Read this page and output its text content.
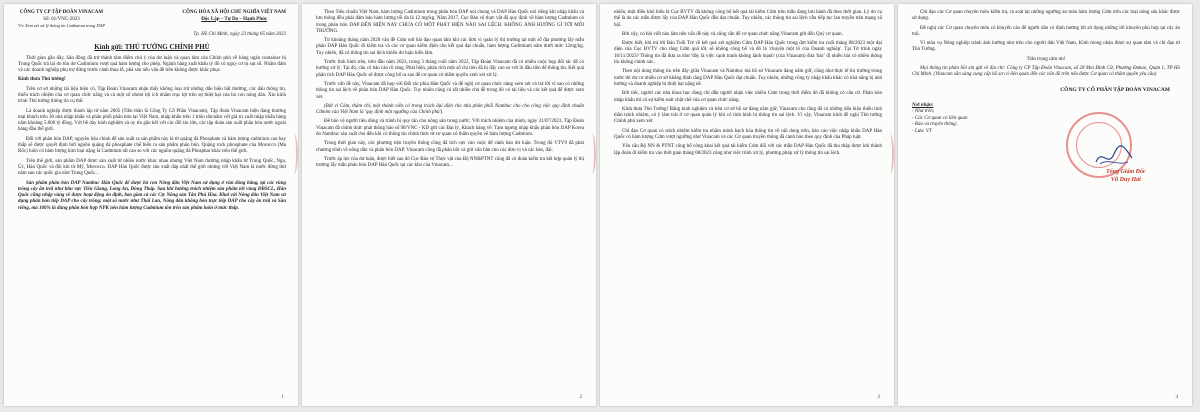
CÔNG TY CP TẬP ĐOÀN VINACAM
Số: 01/VNC-2023
V/v Xem xét xử lý thông tin Cadimium trong DAP
CỘNG HÒA XÃ HỘI CHỦ NGHĨA VIỆT NAM
Độc Lập – Tự Do – Hạnh Phúc
Tp. Hồ Chí Minh, ngày 23 tháng 05 năm 2023
Kính gửi: THỦ TƯỚNG CHÍNH PHỦ

Thời gian gần đây, Sản đồng đã trở thành tâm điểm chú ý của dư luận và quan tâm của Chính phủ về hàng ngàn container bị Trung Quốc trả lại do tồn dư Cadimium vượt quá hàm lượng cho phép. Ngành hàng xuất khẩu tỷ đô có nguy cơ bị sụt số. Nhằm đảm và các doanh nghiệp phụ trợ đứng trước cảnh thua lỗ, phá sản nếu vấn đề trên không được khắc phục.

Kính thưa Thủ tướng!

Trên cơ sở những tài liệu hiện có, Tập Đoàn Vinacam nhận thấy không loại trừ những dấu hiệu bất thường, các dấu thông tin, thiếu trách nhiệm của cơ quan chức năng và cả một số nhóm lợi ích nhằm trục lợi trên sự thiệt hại của bà con nông dân. Xin kính trình Thủ tướng thông tin cụ thể:

Là doanh nghiệp được thành lập từ năm 2005 (Tiền thân là Công Ty Cổ Phần Vinacam), Tập đoàn Vinacam hiện đang thương mại khách trên 30 nhà nhập khẩu và phân phối phân bón tại Việt Nam, nhập khẩu trên 1 triệu tấn/năm với giá trị xuất nhập khẩu hàng năm khoảng 5.000 tỷ đồng. Với bề dày kinh nghiệm và uy tín gần kết với các đối tác lớn, các tập đoàn sản xuất phân bón nước ngoài hàng đầu thế giới.

Đối với phân bón DAP, nguyên liệu chính để sản xuất ra sản phẩm này là từ quặng đá Phosphate và hàm lượng cadmium cao hay thấp sẽ được quyết định bởi nguồn quặng đá phosphate chế biến ra sản phẩm phân bón. Quặng rock phosphate của Morocco (Ma Rốc) luôn có hàm lượng kim loại nặng là Cadmium rất cao so với các nguồn quặng đá Phosphat khác trên thế giới.

Trên thế giới, sản phẩm DAP được sản xuất từ nhiều nước khác nhau nhưng Việt Nam thường nhập khẩu từ Trung Quốc, Nga, Úc, Hàn Quốc và đôi khi từ Mỹ, Morocco. DAP Hàn Quốc được sản xuất đáp nhất thế giới nhưng với Việt Nam là nước đứng thứ năm sau các quốc gia như Trung Quốc...

Sản phẩm phân bón DAP Nambuc Hàn Quốc để được bà con Nông dân Việt Nam sử dụng ở vùn đồng bằng, tại các vùng trồng cây ăn trái như khu vực Tiền Giang, Long An, Đồng Tháp. Sau khi hướng trách nhiệm sản phẩm tới vùng ĐBSCL, Hàn Quốc cũng nhập vùng về được hoạt động ổn định, bao gồm cả các Cty Nông sản Tân Phú Hòa. Khai với Nông dân Việt Nam sử dụng phân bón tiếp DAP cho cây trồng; một số nước như Thái Lan, Nông dân không bón trực tiếp DAP cho cây ăn trái và Sầu riêng, mà 100% là dùng phân bón hợp NPK nên hàm lượng Cadmium tồn trên sản phẩm luôn ở mức thấp.

1

Theo Tiêu chuẩn Việt Nam, hàm lượng Cadimium trong phân bón DAP nói chung và DAP Hàn Quốc nói riêng khi nhập khẩu và lưu thông đều phải đảm bảo hàm lượng tối đa là 12 mg/kg. Năm 2017, Cục Bảo vệ thực vật đã quy định về hàm lượng Cadmium có trong phân bón DAP ĐẾN HIỆN NAY CHƯA CÓ MỘT PHÁT HIỆN NÀO SAI LỆCH. KHÔNG ẢNH HƯỞNG GÌ TỚI MÔI TRƯỜNG.

Từ khoảng tháng năm 2020 văn đề Cdm nơi bài đạo quan tâm khi các đơn vị quản lý thị trường tại một số địa phương lấy mẫu phân DAP Hàn Quốc đi kiểm tra và các cơ quan kiểm định cho kết quả đạt chuẩn, hàm lượng Cadimium nằm dưới mức 12mg/kg. Tuy nhiên, đã có thông tin sai lệch khiến dư luận hiểu lầm.

Trước tình hình trên, trên đầu năm 2023, trong 3 tháng cuối năm 2022, Tập Đoàn Vinacam đã có nhiều cuộc họp đối tác để có hướng xử lý. Tại đó, cần có báo cáo rõ ràng. Phát hiện, phân tích một số chỉ tiêu đã bị đẩy cao so với lô đầu tiên để thông tin. Kết quả phân tích DAP Hàn Quốc sẽ được công bố ra sao để cơ quan có thẩm quyền xem xét xử lý.

Trước vấn đề này, Vinacam đã họp với Đối tác phía Hàn Quốc và đề nghị cơ quan chức năng xem xét và trả lời vì sao có những thông tin sai lệch về phân bón DAP Hàn Quốc. Tuy nhiên cũng có rất nhiều chủ đề trong đó có tài liệu và các kết quả để được xem xét.

(Bởi vì Cảm, thậm chí, một thành viên có trong trách đại diện cho nhà phân phối Nambuc cho cho công việc quy định chuẩn Cdmim của Việt Nam là 'quy định một ngưỡng của Chính phủ').

Để bảo vệ người tiêu dùng và tránh bị quy rằn cho nông sản trong nước; Với trách nhiệm của mình, ngày 31/07/2023, Tập Đoàn Vinacam đã chính thức phát thông báo số 98/VNC - KD gửi các Đại lý, Khách hàng về: Tạm ngưng nhập khẩu phân bón DAP Korea do Nambuc sản xuất cho đến khi có thông tin chính thức từ cơ quan có thẩm quyền về hàm lượng Cadmium.

Trong thời gian này, các phương tiện truyền thông cũng đã tích cực vào cuộc để cảnh báo dư luận. Trong đó VTV9 đã phát chương trình về nông dân và phân bón DAP. Vinacam cũng đã phản hồi và gửi văn bản cho các đơn vị và các báo, đài.

Trước áp lực của dư luận, được biết sau đó Cục Bảo vệ Thực vật của Bộ NN&PTNT cũng đã có đoàn kiểm tra kết hợp quản lý thị trường lấy mẫu phân bón DAP Hàn Quốc tại các kho của Vinacam...

2

nhiên, một điều khó hiểu là Cục BVTV đã không công bố kết quả tái kiểm Cdm trên mẫu đang lưu hành đã theo thời gian. Lý do cụ thể là do các mẫu được lấy của DAP Hàn Quốc đều đạt chuẩn. Tuy nhiên, các thông tin sai lệch vẫn tiếp tục lan truyền trên mạng xã hội.

Bởi vậy, có bài viết nào làm nên vấn đề này và cũng cần để cơ quan chức năng Vinacam gửi đến Quý cơ quan.

Được biết, khi trả lời Báo Tuổi Trẻ về kết quả xét nghiệm Cdm DAP Hàn Quốc trong đợt kiểm tra cuối tháng 08/2023 một đại diện của Cục BVTV cho rằng Cdm quá tốt, sẽ không công bố và đó là 'chuyện một lô của Doanh nghiệp'. Tại Tờ trình ngày 16/11/2023? Thông tin đã đưa ra như 'đây là việc cạnh tranh không lành mạnh' (của Vinacam) đưa 'bác' đi nhiều bài có nhiều thông tin không chính xác.

Theo nội dung thông tin trên đây giữa Vinacam và Nambuc mà hồ sơ Vinacam đang nắm giữ, cũng như thực tế thị trường trong nước thì dư cơ nhiều cơ sở khẳng định rằng DAP Hàn Quốc đạt chuẩn. Tuy nhiên, những công ty nhập khẩu khác có khả năng bị ảnh hưởng và doanh nghiệp bị thiệt hại nặng nề.

Bởi tiếc, người các nhà khoa học đang chỉ dẫn người nhận việc nhiều Cdm trong thời điểm đó đã không có căn cứ. Phân bón nhập khẩu thì có sự kiểm soát chặt chẽ của cơ quan chức năng.

Kính thưa Thủ Tướng! Bằng kinh nghiệm và trên cơ sở hồ sơ đang nắm giữ, Vinacam cho rằng đã có những dấu hiệu thiếu tinh thần trách nhiệm, có ý làm trái ở cơ quan quản lý khi có tình hình bị thông tin sai lệch. Vì vậy, Vinacam kính đề nghị Thủ tướng Chính phủ xem xét:

Chỉ đạo Cơ quan có trách nhiệm kiểm tra nhằm minh bạch hóa thông tin về nội dung trên, báo cáo việc nhập khẩu DAP Hàn Quốc có hàm lượng Cdm vượt ngưỡng như Vinacam và các Cơ quan truyền thông đã cảnh báo theo quy định của Pháp luật.

Yêu cầu Bộ NN & PTNT công bố công khai kết quả tái kiểm Cdm đối với các mẫu DAP Hàn Quốc đã thu thập được khi thành lập đoàn đi kiểm tra vào thời gian tháng 08/2023 cũng như việc trình xử lý, phương pháp xử lý thông tin sai lệch.

3

Chỉ đạo các Cơ quan chuyên môn kiểm tra, rà soát lại những ngưỡng an toàn hàm lượng Cdm trên các loại nông sản khác được sử dụng.

Đề nghị các Cơ quan chuyên môn có khuyến cáo để người dân có định hướng lời sử dụng những lời khuyên phù hợp tại cây ăn trái.

Vì mùa vụ Nông nghiệp tránh ảnh hưởng như trên cho người dân Việt Nam, Kính mong nhận được sự quan tâm và chỉ đạo từ Thủ Tướng.

Trân trọng cảm ơn!

Mọi thông tin phản hồi xin gửi về địa chỉ: Công ty CP Tập Đoàn Vinacam, số 28 Mai Đình Cử, Phường Đakao, Quận 1, TP Hồ Chí Minh. (Vinacam sẵn sàng cung cấp hồ sơ có liên quan đến các vấn đề trên nếu được Cơ quan có thẩm quyền yêu cầu)

CÔNG TY CỔ PHẦN TẬP ĐOÀN VINACAM
Nơi nhận:
- Như trên;
- Các Cơ quan có liên quan
- Báo và truyền thông;
- Lưu: VT
Tổng Giám Đốc
Vũ Duy Hải
4
